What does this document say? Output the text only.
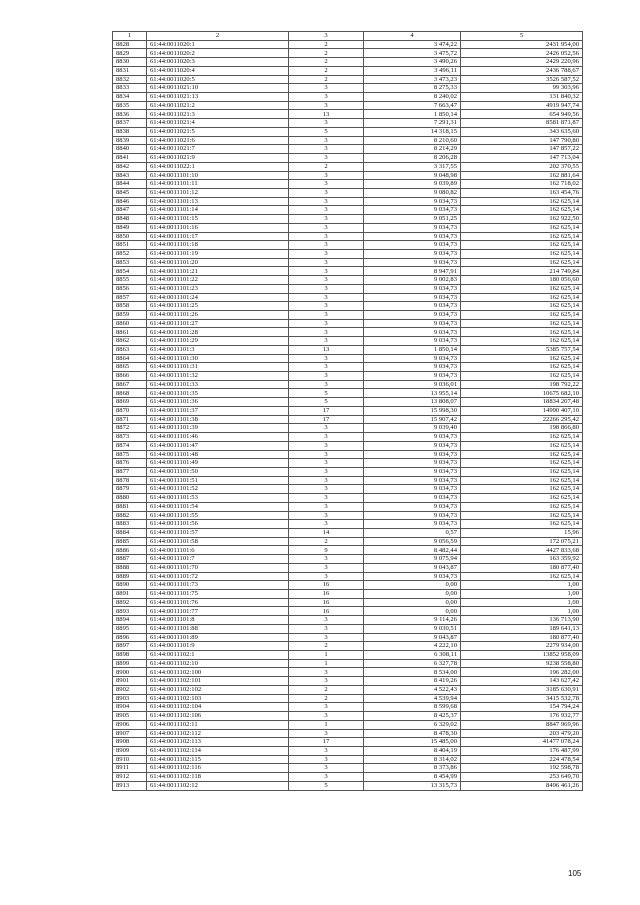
1	2	3	4	5
8828	61:44:0011020:1	2	3 474,22	2431 954,00
8829	61:44:0011020:2	2	3 475,72	2426 052,56
8830	61:44:0011020:3	2	3 490,26	2429 220,96
8831	61:44:0011020:4	2	3 496,11	2436 788,67
8832	61:44:0011020:5	2	3 473,23	3526 587,52
8833	61:44:0011021:10	3	8 275,33	99 303,96
8834	61:44:0011021:13	3	8 240,02	131 840,32
8835	61:44:0011021:2	3	7 663,47	4919 947,74
8836	61:44:0011021:3	13	1 850,14	654 949,56
8837	61:44:0011021:4	3	7 291,31	8581 871,87
8838	61:44:0011021:5	5	14 318,15	343 635,60
8839	61:44:0011021:6	3	8 210,60	147 790,80
8840	61:44:0011021:7	3	8 214,29	147 857,22
8841	61:44:0011021:9	3	8 206,28	147 713,04
8842	61:44:0011022:1	2	3 317,55	202 370,55
8843	61:44:0011101:10	3	9 048,98	162 881,64
8844	61:44:0011101:11	3	9 039,89	162 718,02
8845	61:44:0011101:12	3	9 080,82	163 454,76
8846	61:44:0011101:13	3	9 034,73	162 625,14
8847	61:44:0011101:14	3	9 034,73	162 625,14
8848	61:44:0011101:15	3	9 051,25	162 922,50
8849	61:44:0011101:16	3	9 034,73	162 625,14
8850	61:44:0011101:17	3	9 034,73	162 625,14
8851	61:44:0011101:18	3	9 034,73	162 625,14
8852	61:44:0011101:19	3	9 034,73	162 625,14
8853	61:44:0011101:20	3	9 034,73	162 625,14
8854	61:44:0011101:21	3	8 947,91	214 749,84
8855	61:44:0011101:22	3	9 002,83	180 056,60
8856	61:44:0011101:23	3	9 034,73	162 625,14
8857	61:44:0011101:24	3	9 034,73	162 625,14
8858	61:44:0011101:25	3	9 034,73	162 625,14
8859	61:44:0011101:26	3	9 034,73	162 625,14
8860	61:44:0011101:27	3	9 034,73	162 625,14
8861	61:44:0011101:28	3	9 034,73	162 625,14
8862	61:44:0011101:29	3	9 034,73	162 625,14
8863	61:44:0011101:3	13	1 850,14	5385 757,54
8864	61:44:0011101:30	3	9 034,73	162 625,14
8865	61:44:0011101:31	3	9 034,73	162 625,14
8866	61:44:0011101:32	3	9 034,73	162 625,14
8867	61:44:0011101:33	3	9 036,01	198 792,22
8868	61:44:0011101:35	5	13 955,14	10675 682,10
8869	61:44:0011101:36	5	13 808,07	18834 207,48
8870	61:44:0011101:37	17	15 998,30	14990 407,10
8871	61:44:0011101:38	17	15 907,42	22266 295,42
8872	61:44:0011101:39	3	9 039,40	198 866,80
8873	61:44:0011101:46	3	9 034,73	162 625,14
8874	61:44:0011101:47	3	9 034,73	162 625,14
8875	61:44:0011101:48	3	9 034,73	162 625,14
8876	61:44:0011101:49	3	9 034,73	162 625,14
8877	61:44:0011101:50	3	9 034,73	162 625,14
8878	61:44:0011101:51	3	9 034,73	162 625,14
8879	61:44:0011101:52	3	9 034,73	162 625,14
8880	61:44:0011101:53	3	9 034,73	162 625,14
8881	61:44:0011101:54	3	9 034,73	162 625,14
8882	61:44:0011101:55	3	9 034,73	162 625,14
8883	61:44:0011101:56	3	9 034,73	162 625,14
8884	61:44:0011101:57	14	0,57	15,96
8885	61:44:0011101:58	2	9 056,59	172 075,21
8886	61:44:0011101:6	9	8 482,44	4427 833,68
8887	61:44:0011101:7	3	9 075,94	163 359,92
8888	61:44:0011101:70	3	9 043,87	180 877,40
8889	61:44:0011101:72	3	9 034,73	162 625,14
8890	61:44:0011101:73	16	0,00	1,00
8891	61:44:0011101:75	16	0,00	1,00
8892	61:44:0011101:76	16	0,00	1,00
8893	61:44:0011101:77	16	0,00	1,00
8894	61:44:0011101:8	3	9 114,26	136 713,90
8895	61:44:0011101:88	3	9 030,51	189 641,13
8896	61:44:0011101:89	3	9 043,87	180 877,40
8897	61:44:0011101:9	2	4 222,10	2279 934,00
8898	61:44:0011102:1	1	6 308,11	13852 958,09
8899	61:44:0011102:10	1	6 327,78	9238 558,80
8900	61:44:0011102:100	3	8 534,00	196 282,00
8901	61:44:0011102:101	3	8 419,26	143 627,42
8902	61:44:0011102:102	2	4 522,43	3185 630,91
8903	61:44:0011102:103	2	4 539,94	3415 532,78
8904	61:44:0011102:104	3	8 599,68	154 794,24
8905	61:44:0011102:106	3	8 425,37	176 932,77
8906	61:44:0011102:11	1	6 329,02	8847 969,96
8907	61:44:0011102:112	3	8 478,30	203 479,20
8908	61:44:0011102:113	17	15 485,00	41477 078,24
8909	61:44:0011102:114	3	8 404,19	176 487,99
8910	61:44:0011102:115	3	8 314,02	224 478,54
8911	61:44:0011102:116	3	8 373,86	192 598,78
8912	61:44:0011102:118	3	8 454,99	253 649,70
8913	61:44:0011102:12	5	13 315,73	8496 461,26
105
